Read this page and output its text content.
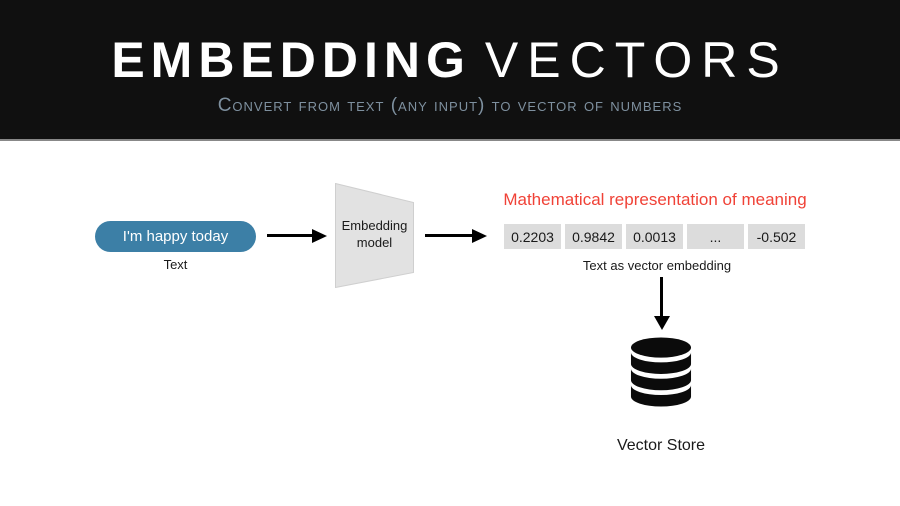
EMBEDDING VECTORS
Convert from text (any input) to vector of numbers
I'm happy today
Text
Embedding model
Mathematical representation of meaning
0.2203	0.9842	0.0013	...	-0.502
Text as vector embedding
Vector Store
